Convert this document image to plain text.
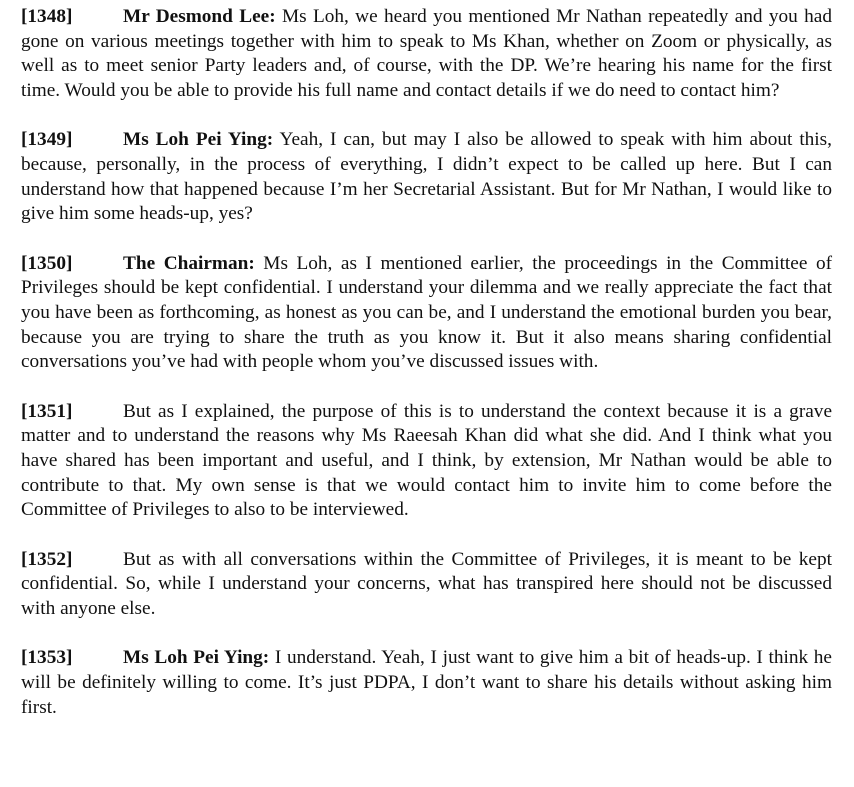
[1348]	Mr Desmond Lee: Ms Loh, we heard you mentioned Mr Nathan repeatedly and you had gone on various meetings together with him to speak to Ms Khan, whether on Zoom or physically, as well as to meet senior Party leaders and, of course, with the DP. We’re hearing his name for the first time. Would you be able to provide his full name and contact details if we do need to contact him?

[1349]	Ms Loh Pei Ying: Yeah, I can, but may I also be allowed to speak with him about this, because, personally, in the process of everything, I didn’t expect to be called up here. But I can understand how that happened because I’m her Secretarial Assistant. But for Mr Nathan, I would like to give him some heads-up, yes?

[1350]	The Chairman: Ms Loh, as I mentioned earlier, the proceedings in the Committee of Privileges should be kept confidential. I understand your dilemma and we really appreciate the fact that you have been as forthcoming, as honest as you can be, and I understand the emotional burden you bear, because you are trying to share the truth as you know it. But it also means sharing confidential conversations you’ve had with people whom you’ve discussed issues with.

[1351]	But as I explained, the purpose of this is to understand the context because it is a grave matter and to understand the reasons why Ms Raeesah Khan did what she did. And I think what you have shared has been important and useful, and I think, by extension, Mr Nathan would be able to contribute to that. My own sense is that we would contact him to invite him to come before the Committee of Privileges to also to be interviewed.

[1352]	But as with all conversations within the Committee of Privileges, it is meant to be kept confidential. So, while I understand your concerns, what has transpired here should not be discussed with anyone else.

[1353]	Ms Loh Pei Ying: I understand. Yeah, I just want to give him a bit of heads-up. I think he will be definitely willing to come. It’s just PDPA, I don’t want to share his details without asking him first.
